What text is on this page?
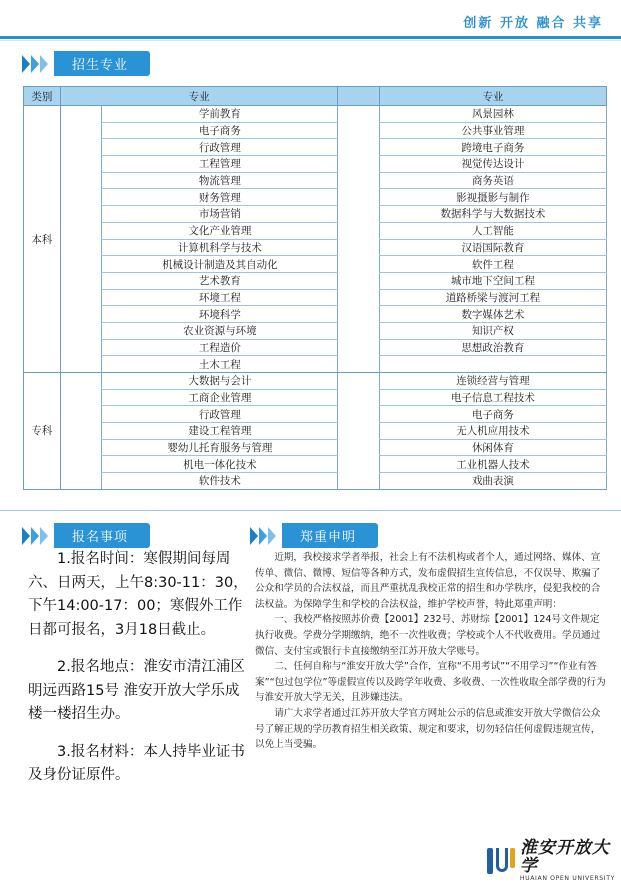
创新 开放 融合 共享
招生专业
类别	专业			专业
本科		学前教育		风景园林
		电子商务		公共事业管理
		行政管理		跨境电子商务
		工程管理		视觉传达设计
		物流管理		商务英语
		财务管理		影视摄影与制作
		市场营销		数据科学与大数据技术
		文化产业管理		人工智能
		计算机科学与技术		汉语国际教育
		机械设计制造及其自动化		软件工程
		艺术教育		城市地下空间工程
		环境工程		道路桥梁与渡河工程
		环境科学		数字媒体艺术
		农业资源与环境		知识产权
		工程造价		思想政治教育
		土木工程		
专科		大数据与会计		连锁经营与管理
		工商企业管理		电子信息工程技术
		行政管理		电子商务
		建设工程管理		无人机应用技术
		婴幼儿托育服务与管理		休闲体育
		机电一体化技术		工业机器人技术
		软件技术		戏曲表演
报名事项	郑重申明

1.报名时间：寒假期间每周六、日两天，上午8:30-11：30，下午14:00-17：00；寒假外工作日都可报名，3月18日截止。

2.报名地点：淮安市清江浦区明远西路15号 淮安开放大学乐成楼一楼招生办。

3.报名材料：本人持毕业证书及身份证原件。

近期，我校接求学者举报，社会上有不法机构或者个人，通过网络、媒体、宣传单、微信、微博、短信等各种方式，发布虚假招生宣传信息，不仅误导、欺骗了公众和学员的合法权益，而且严重扰乱我校正常的招生和办学秩序，侵犯我校的合法权益。为保障学生和学校的合法权益，维护学校声誉，特此郑重声明：

一、我校严格按照苏价费【2001】232号、苏财综【2001】124号文件规定执行收费。学费分学期缴纳，绝不一次性收费；学校或个人不代收费用。学员通过微信、支付宝或银行卡直接缴纳至江苏开放大学账号。

二、任何自称与“淮安开放大学”合作，宣称“不用考试”“不用学习”“作业有答案”“包过包学位”等虚假宣传以及跨学年收费、多收费、一次性收取全部学费的行为与淮安开放大学无关，且涉嫌违法。

请广大求学者通过江苏开放大学官方网址公示的信息或淮安开放大学微信公众号了解正规的学历教育招生相关政策、规定和要求，切勿轻信任何虚假违规宣传，以免上当受骗。

淮安开放大学
HUAIAN OPEN UNIVERSITY
